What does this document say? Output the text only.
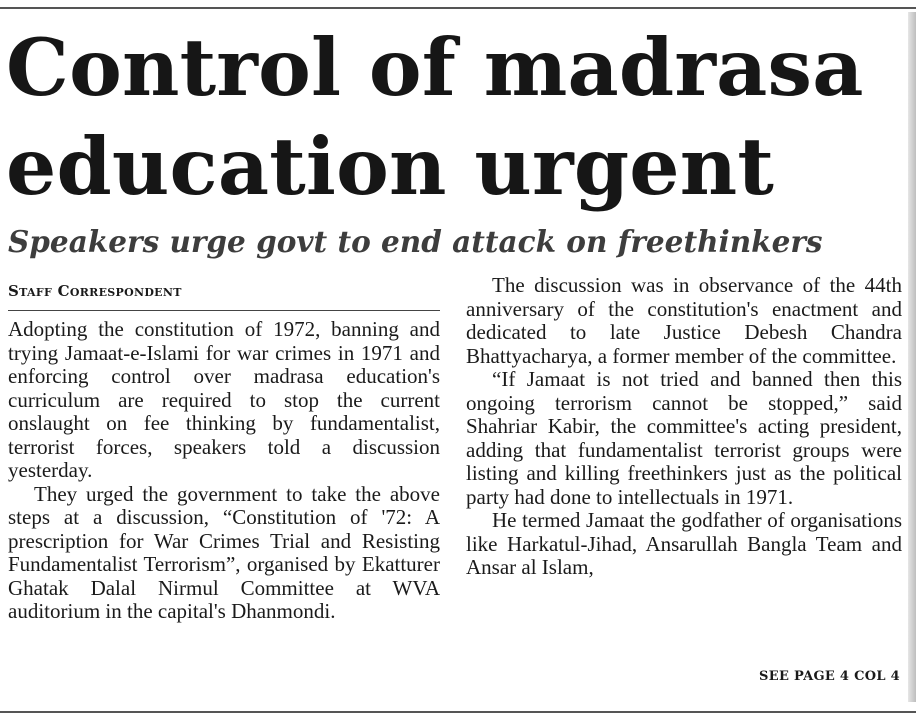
Control of madrasa
education urgent
Speakers urge govt to end attack on freethinkers
Staff Correspondent

Adopting the constitution of 1972, banning and trying Jamaat-e-Islami for war crimes in 1971 and enforcing control over madrasa education's curriculum are required to stop the current onslaught on fee thinking by fundamentalist, terrorist forces, speakers told a discussion yesterday.

They urged the government to take the above steps at a discussion, “Constitution of '72: A prescription for War Crimes Trial and Resisting Fundamentalist Terrorism”, organised by Ekatturer Ghatak Dalal Nirmul Committee at WVA auditorium in the capital's Dhanmondi.

The discussion was in observance of the 44th anniversary of the constitution's enactment and dedicated to late Justice Debesh Chandra Bhattyacharya, a former member of the committee.

“If Jamaat is not tried and banned then this ongoing terrorism cannot be stopped,” said Shahriar Kabir, the committee's acting president, adding that fundamentalist terrorist groups were listing and killing freethinkers just as the political party had done to intellectuals in 1971.

He termed Jamaat the godfather of organisations like Harkatul-Jihad, Ansarullah Bangla Team and Ansar al Islam,

SEE PAGE 4 COL 4
